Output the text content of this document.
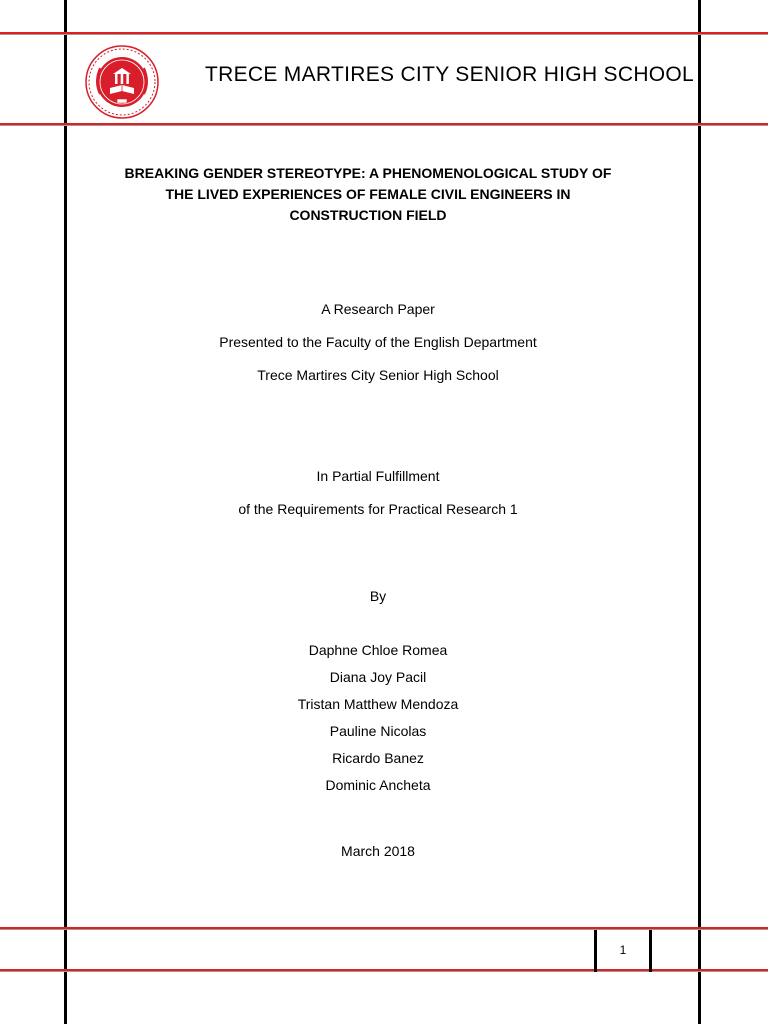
TRECE MARTIRES CITY SENIOR HIGH SCHOOL
BREAKING GENDER STEREOTYPE: A PHENOMENOLOGICAL STUDY OF
THE LIVED EXPERIENCES OF FEMALE CIVIL ENGINEERS IN
CONSTRUCTION FIELD
A Research Paper
Presented to the Faculty of the English Department
Trece Martires City Senior High School
In Partial Fulfillment
of the Requirements for Practical Research 1
By
Daphne Chloe Romea
Diana Joy Pacil
Tristan Matthew Mendoza
Pauline Nicolas
Ricardo Banez
Dominic Ancheta
March 2018
1
